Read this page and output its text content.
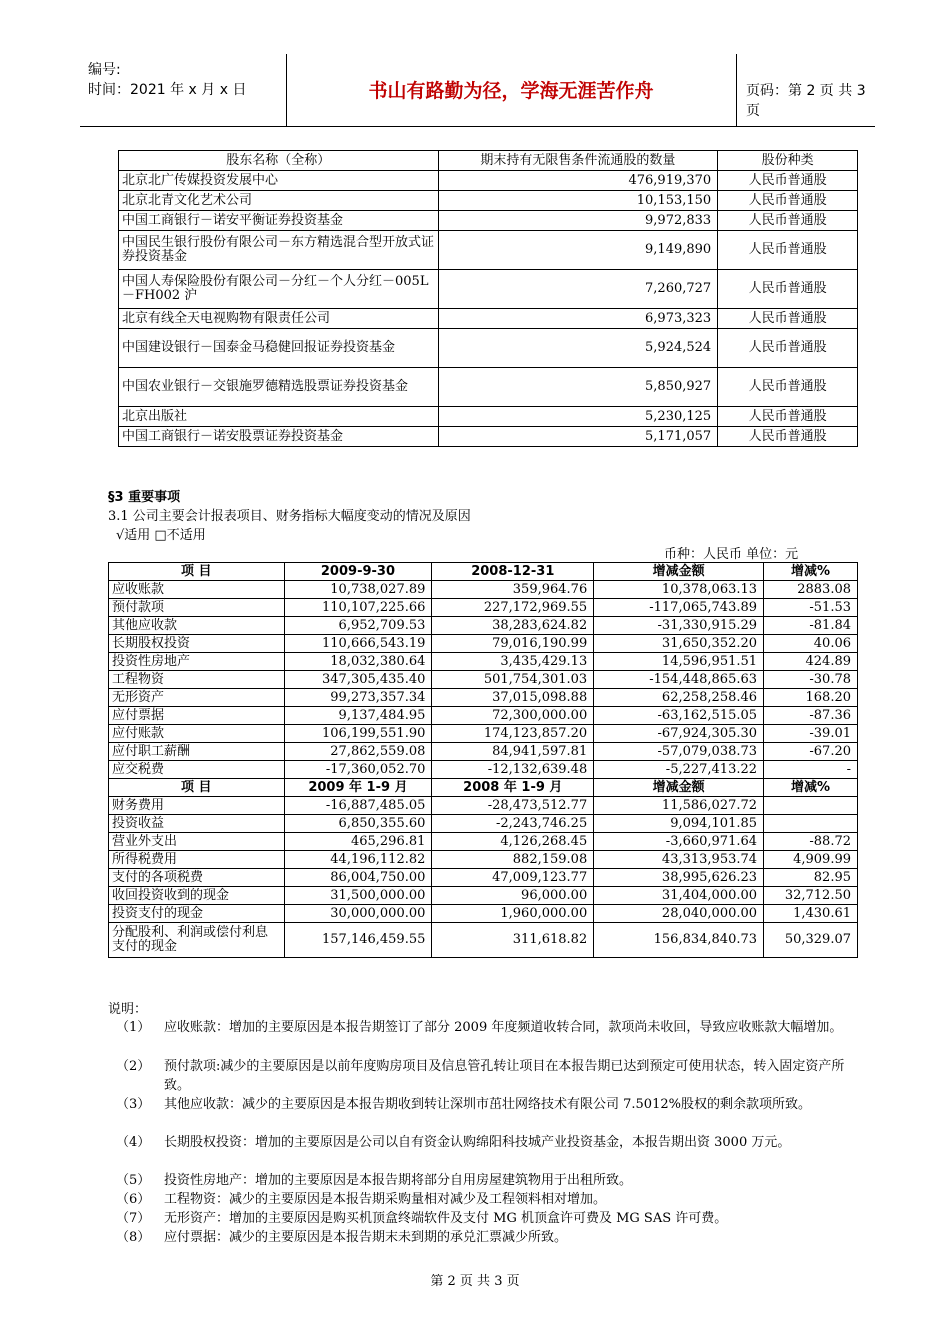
编号:
时间：2021 年 x 月 x 日	书山有路勤为径，学海无涯苦作舟	页码：第 2 页 共 3 页
股东名称（全称）	期末持有无限售条件流通股的数量	股份种类
北京北广传媒投资发展中心	476,919,370	人民币普通股
北京北青文化艺术公司	10,153,150	人民币普通股
中国工商银行－诺安平衡证券投资基金	9,972,833	人民币普通股
中国民生银行股份有限公司－东方精选混合型开放式证券投资基金	9,149,890	人民币普通股
中国人寿保险股份有限公司－分红－个人分红－005L－FH002 沪	7,260,727	人民币普通股
北京有线全天电视购物有限责任公司	6,973,323	人民币普通股
中国建设银行－国泰金马稳健回报证券投资基金	5,924,524	人民币普通股
中国农业银行－交银施罗德精选股票证券投资基金	5,850,927	人民币普通股
北京出版社	5,230,125	人民币普通股
中国工商银行－诺安股票证券投资基金	5,171,057	人民币普通股
§3 重要事项
3.1 公司主要会计报表项目、财务指标大幅度变动的情况及原因
√适用 □不适用
币种：人民币 单位：元
项 目	2009-9-30	2008-12-31	增减金额	增减%
应收账款	10,738,027.89	359,964.76	10,378,063.13	2883.08
预付款项	110,107,225.66	227,172,969.55	-117,065,743.89	-51.53
其他应收款	6,952,709.53	38,283,624.82	-31,330,915.29	-81.84
长期股权投资	110,666,543.19	79,016,190.99	31,650,352.20	40.06
投资性房地产	18,032,380.64	3,435,429.13	14,596,951.51	424.89
工程物资	347,305,435.40	501,754,301.03	-154,448,865.63	-30.78
无形资产	99,273,357.34	37,015,098.88	62,258,258.46	168.20
应付票据	9,137,484.95	72,300,000.00	-63,162,515.05	-87.36
应付账款	106,199,551.90	174,123,857.20	-67,924,305.30	-39.01
应付职工薪酬	27,862,559.08	84,941,597.81	-57,079,038.73	-67.20
应交税费	-17,360,052.70	-12,132,639.48	-5,227,413.22	-
项 目	2009 年 1-9 月	2008 年 1-9 月	增减金额	增减%
财务费用	-16,887,485.05	-28,473,512.77	11,586,027.72	
投资收益	6,850,355.60	-2,243,746.25	9,094,101.85	
营业外支出	465,296.81	4,126,268.45	-3,660,971.64	-88.72
所得税费用	44,196,112.82	882,159.08	43,313,953.74	4,909.99
支付的各项税费	86,004,750.00	47,009,123.77	38,995,626.23	82.95
收回投资收到的现金	31,500,000.00	96,000.00	31,404,000.00	32,712.50
投资支付的现金	30,000,000.00	1,960,000.00	28,040,000.00	1,430.61
分配股利、利润或偿付利息支付的现金	157,146,459.55	311,618.82	156,834,840.73	50,329.07
说明：
（1） 应收账款：增加的主要原因是本报告期签订了部分 2009 年度频道收转合同，款项尚未收回，导致应收账款大幅增加。
（2） 预付款项:减少的主要原因是以前年度购房项目及信息管孔转让项目在本报告期已达到预定可使用状态，转入固定资产所致。
（3） 其他应收款：减少的主要原因是本报告期收到转让深圳市茁壮网络技术有限公司 7.5012%股权的剩余款项所致。
（4） 长期股权投资：增加的主要原因是公司以自有资金认购绵阳科技城产业投资基金，本报告期出资 3000 万元。
（5） 投资性房地产：增加的主要原因是本报告期将部分自用房屋建筑物用于出租所致。
（6） 工程物资：减少的主要原因是本报告期采购量相对减少及工程领料相对增加。
（7） 无形资产：增加的主要原因是购买机顶盒终端软件及支付 MG 机顶盒许可费及 MG SAS 许可费。
（8） 应付票据：减少的主要原因是本报告期末未到期的承兑汇票减少所致。
第 2 页 共 3 页
